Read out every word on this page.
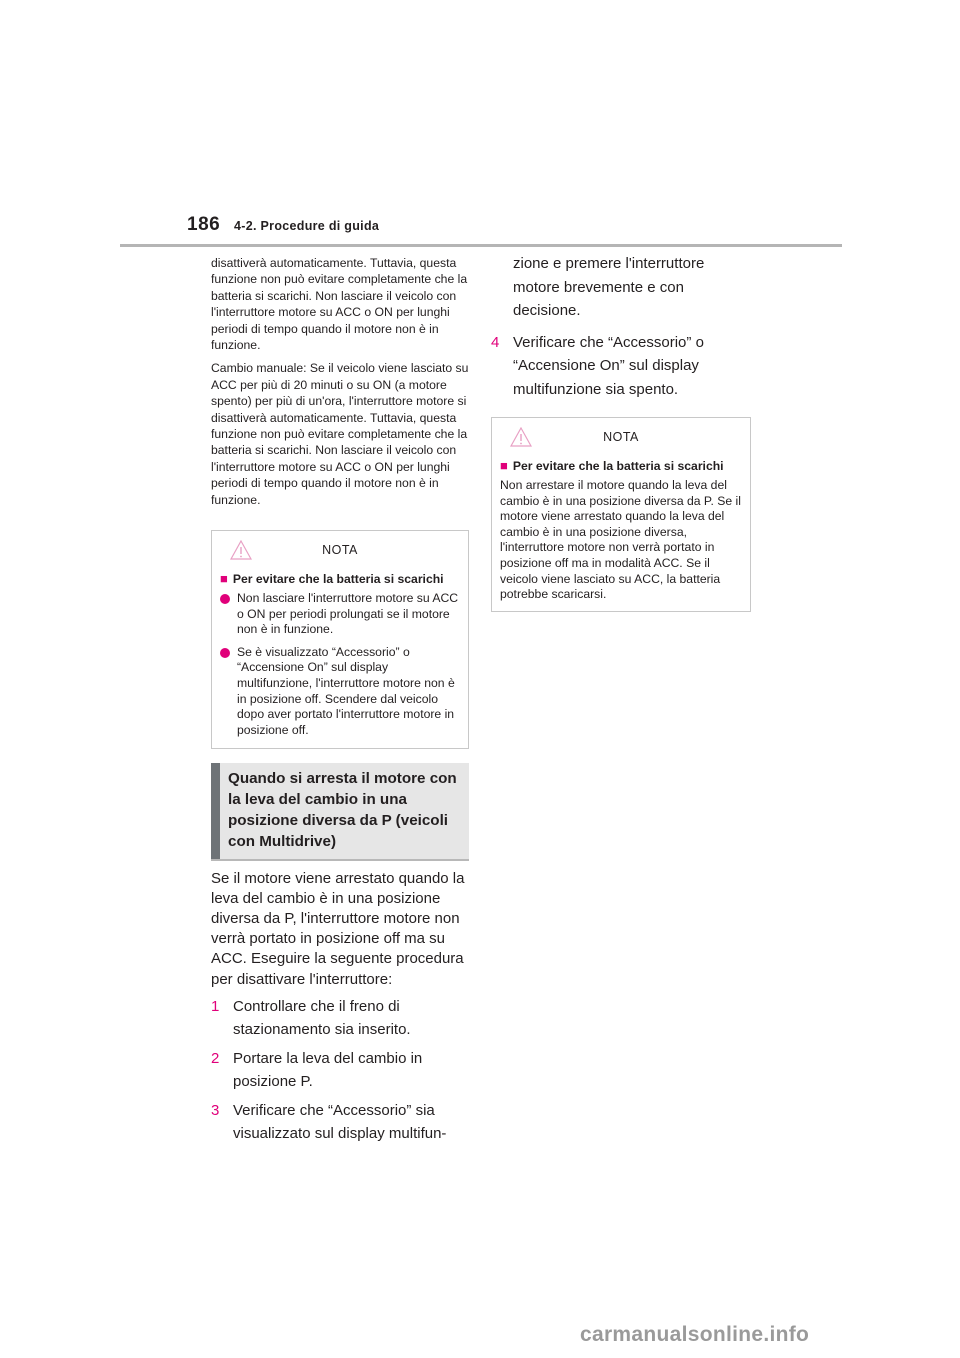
186 4-2. Procedure di guida

disattiverà automaticamente. Tuttavia, questa funzione non può evitare completamente che la batteria si scarichi. Non lasciare il veicolo con l'interruttore motore su ACC o ON per lunghi periodi di tempo quando il motore non è in funzione.

Cambio manuale: Se il veicolo viene lasciato su ACC per più di 20 minuti o su ON (a motore spento) per più di un'ora, l'interruttore motore si disattiverà automaticamente. Tuttavia, questa funzione non può evitare completamente che la batteria si scarichi. Non lasciare il veicolo con l'interruttore motore su ACC o ON per lunghi periodi di tempo quando il motore non è in funzione.

NOTA
■ Per evitare che la batteria si scarichi
Non lasciare l'interruttore motore su ACC o ON per periodi prolungati se il motore non è in funzione.
Se è visualizzato “Accessorio” o “Accensione On” sul display multifunzione, l'interruttore motore non è in posizione off. Scendere dal veicolo dopo aver portato l'interruttore motore in posizione off.
Quando si arresta il motore con la leva del cambio in una posizione diversa da P (veicoli con Multidrive)

Se il motore viene arrestato quando la leva del cambio è in una posizione diversa da P, l'interruttore motore non verrà portato in posizione off ma su ACC. Eseguire la seguente procedura per disattivare l'interruttore:

1 Controllare che il freno di stazionamento sia inserito.
2 Portare la leva del cambio in posizione P.
3 Verificare che “Accessorio” sia visualizzato sul display multifun-

zione e premere l'interruttore motore brevemente e con decisione.

4 Verificare che “Accessorio” o “Accensione On” sul display multifunzione sia spento.
NOTA
■ Per evitare che la batteria si scarichi

Non arrestare il motore quando la leva del cambio è in una posizione diversa da P. Se il motore viene arrestato quando la leva del cambio è in una posizione diversa, l'interruttore motore non verrà portato in posizione off ma in modalità ACC. Se il veicolo viene lasciato su ACC, la batteria potrebbe scaricarsi.

carmanualsonline.info
